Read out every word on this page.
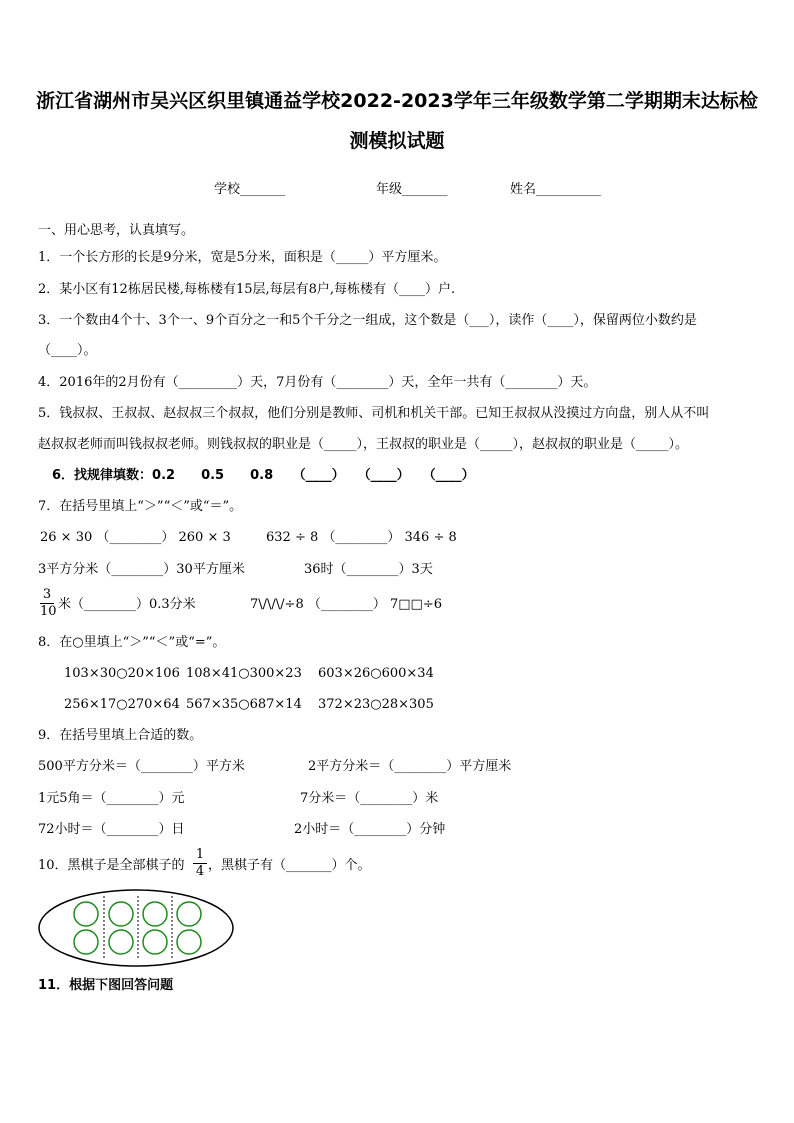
浙江省湖州市吴兴区织里镇通益学校2022-2023学年三年级数学第二学期期末达标检
测模拟试题
学校_______	年级_______	姓名__________
一、用心思考，认真填写。
1．一个长方形的长是9分米，宽是5分米，面积是（_____）平方厘米。
2．某小区有12栋居民楼,每栋楼有15层,每层有8户,每栋楼有（____）户.
3．一个数由4个十、3个一、9个百分之一和5个千分之一组成，这个数是（___），读作（____），保留两位小数约是
（____）。
4．2016年的2月份有（_________）天，7月份有（________）天，全年一共有（________）天。
5．钱叔叔、王叔叔、赵叔叔三个叔叔，他们分别是教师、司机和机关干部。已知王叔叔从没摸过方向盘，别人从不叫
赵叔叔老师而叫钱叔叔老师。则钱叔叔的职业是（_____），王叔叔的职业是（_____），赵叔叔的职业是（_____）。
6．找规律填数：0.2　　0.5　　0.8　　（____）　　（____）　　（____）
7．在括号里填上“＞”“＜”或“＝”。
26 × 30 （________） 260 × 3	632 ÷ 8 （________） 346 ÷ 8
3平方分米（________）30平方厘米	36时（________）3天
3
10 米（________）0.3分米	7\/\/\/÷8 （________） 7□□÷6
8．在○里填上“＞”“＜”或“=”。
103×30○20×106 108×41○300×23 603×26○600×34
256×17○270×64 567×35○687×14 372×23○28×305
9．在括号里填上合适的数。
500平方分米＝（________）平方米	2平方分米＝（________）平方厘米
1元5角＝（________）元	7分米＝（________）米
72小时＝（________）日	2小时＝（________）分钟
10．黑棋子是全部棋子的
1
4 ，黑棋子有（_______）个。
11．根据下图回答问题
